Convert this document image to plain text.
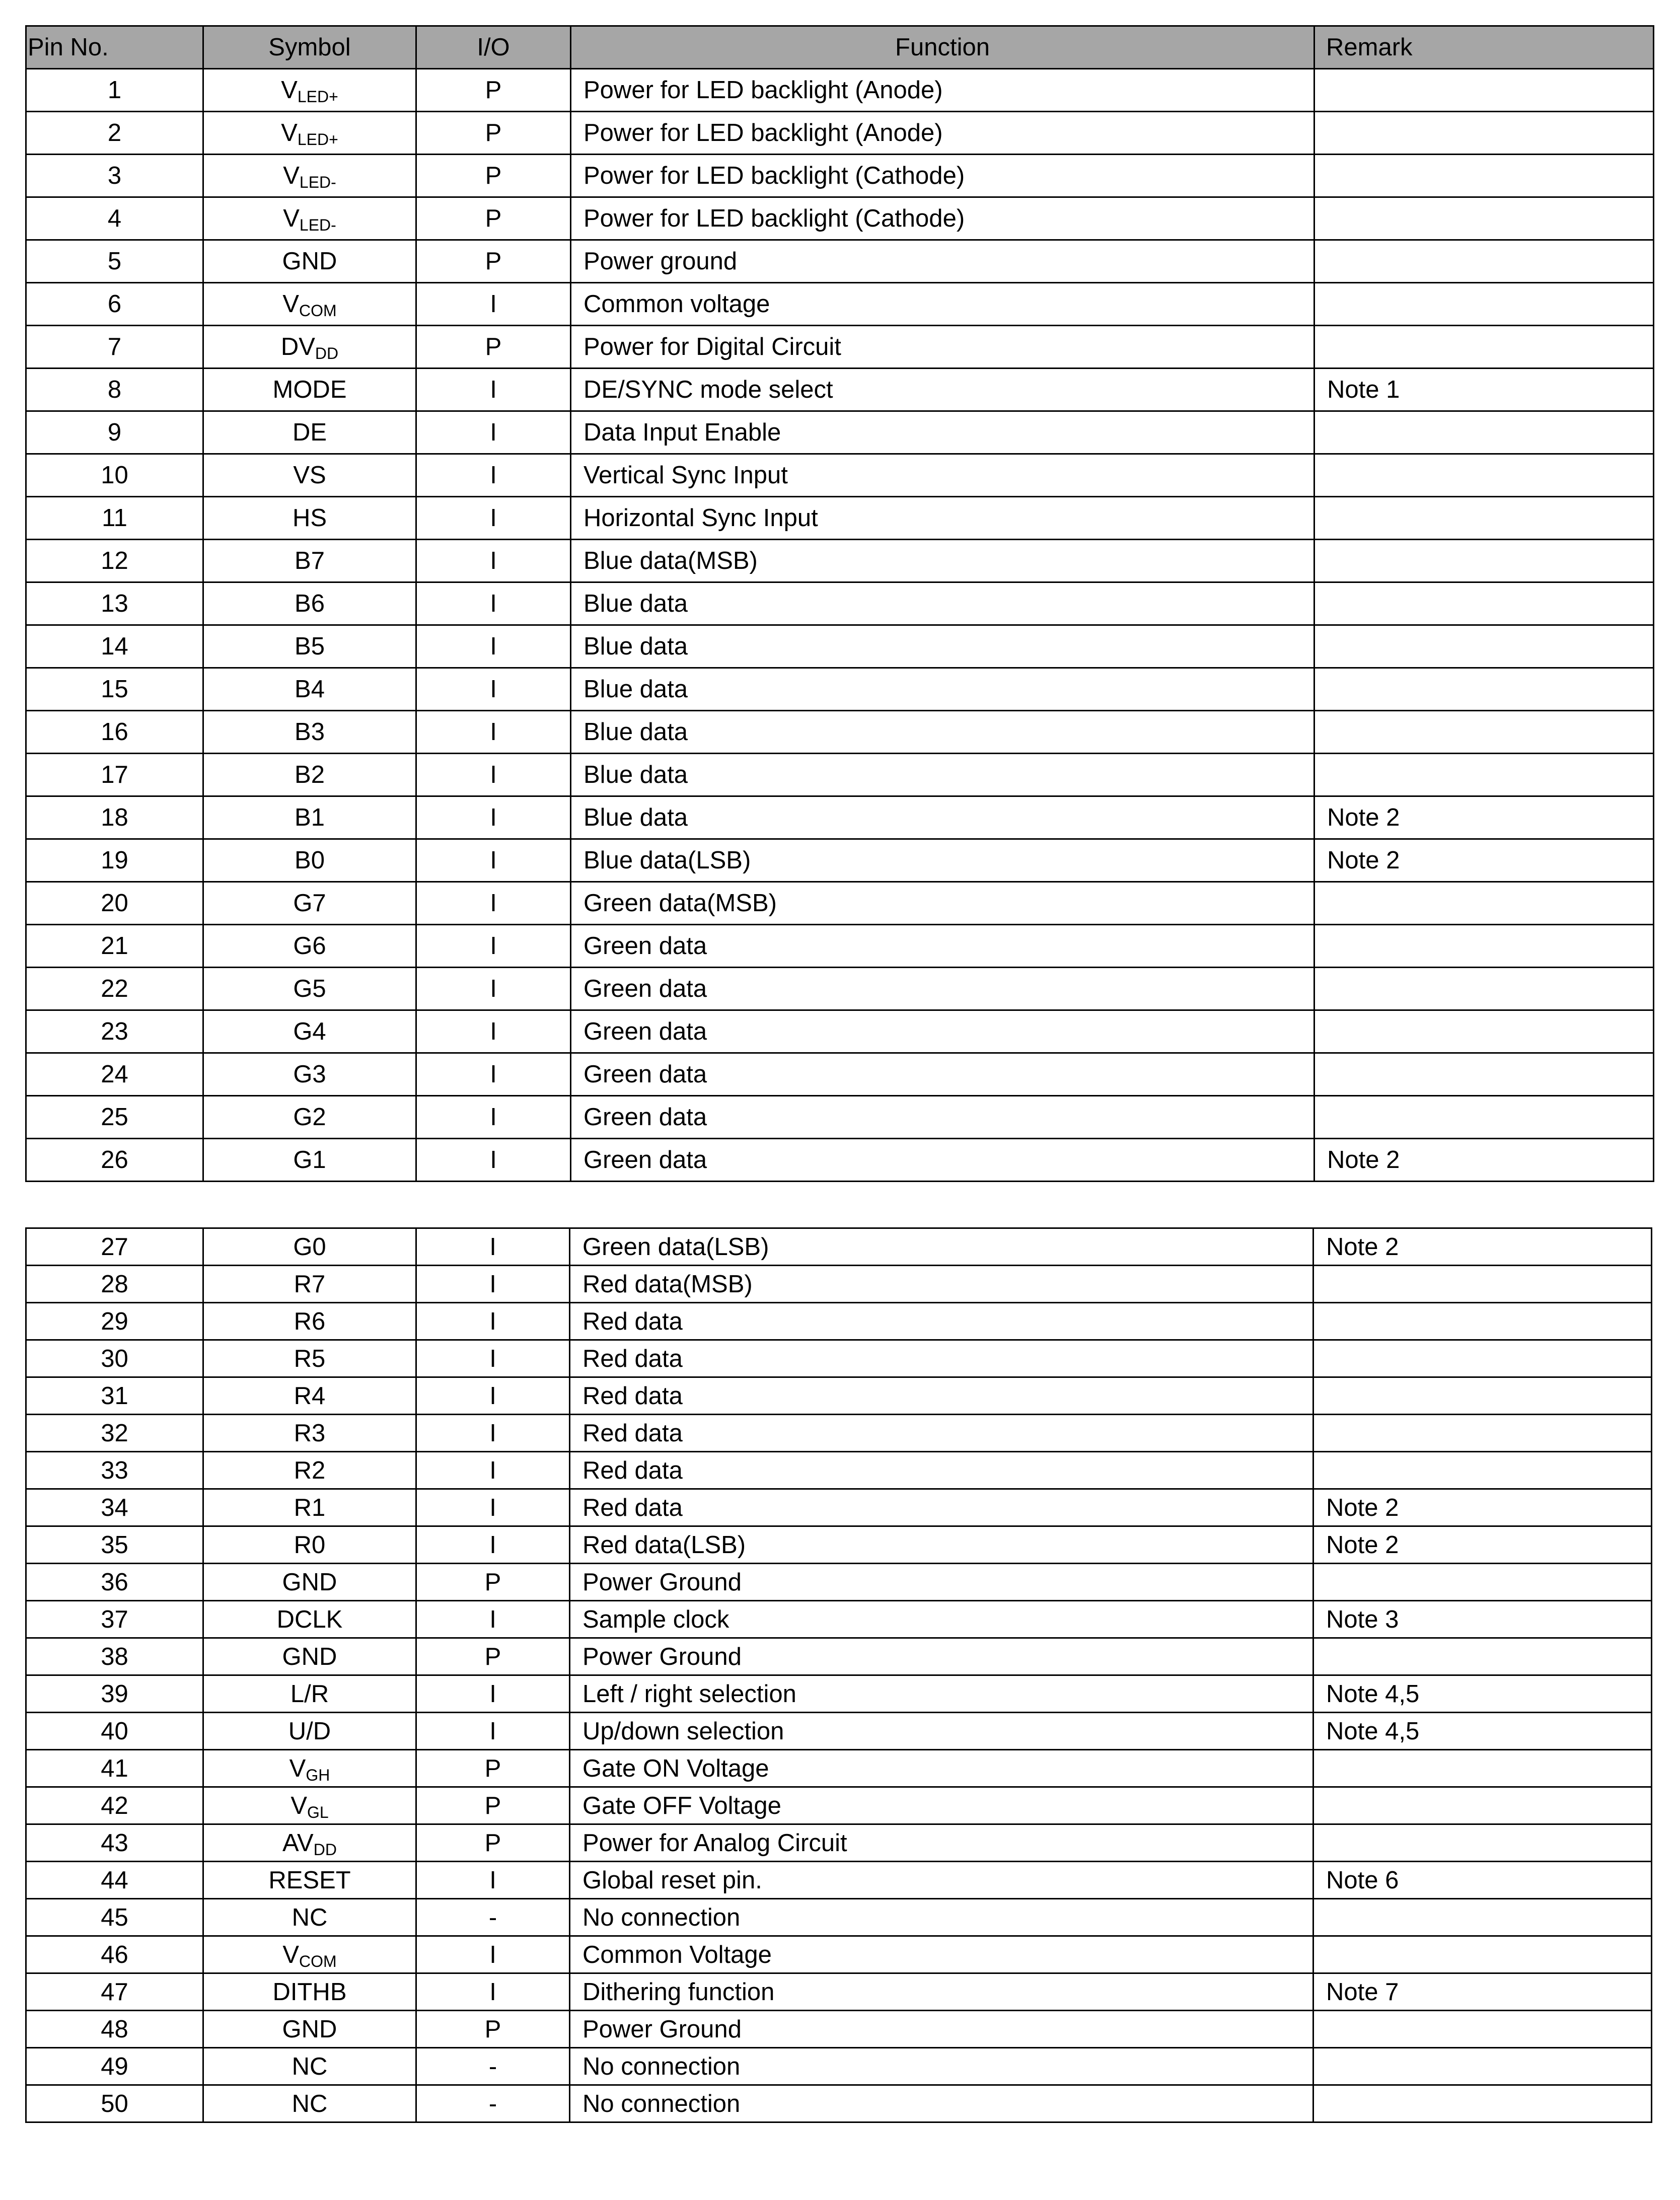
Pin No.	Symbol	I/O	Function	Remark
1	$V_{LED+}$	P	Power for LED backlight (Anode)	
2	$V_{LED+}$	P	Power for LED backlight (Anode)	
3	$V_{LED-}$	P	Power for LED backlight (Cathode)	
4	$V_{LED-}$	P	Power for LED backlight (Cathode)	
5	GND	P	Power ground	
6	$V_{COM}$	I	Common voltage	
7	$DV_{DD}$	P	Power for Digital Circuit	
8	MODE	I	DE/SYNC mode select	Note 1
9	DE	I	Data Input Enable	
10	VS	I	Vertical Sync Input	
11	HS	I	Horizontal Sync Input	
12	B7	I	Blue data(MSB)	
13	B6	I	Blue data	
14	B5	I	Blue data	
15	B4	I	Blue data	
16	B3	I	Blue data	
17	B2	I	Blue data	
18	B1	I	Blue data	Note 2
19	B0	I	Blue data(LSB)	Note 2
20	G7	I	Green data(MSB)	
21	G6	I	Green data	
22	G5	I	Green data	
23	G4	I	Green data	
24	G3	I	Green data	
25	G2	I	Green data	
26	G1	I	Green data	Note 2
27	G0	I	Green data(LSB)	Note 2
28	R7	I	Red data(MSB)	
29	R6	I	Red data	
30	R5	I	Red data	
31	R4	I	Red data	
32	R3	I	Red data	
33	R2	I	Red data	
34	R1	I	Red data	Note 2
35	R0	I	Red data(LSB)	Note 2
36	GND	P	Power Ground	
37	DCLK	I	Sample clock	Note 3
38	GND	P	Power Ground	
39	L/R	I	Left / right selection	Note 4,5
40	U/D	I	Up/down selection	Note 4,5
41	$V_{GH}$	P	Gate ON Voltage	
42	$V_{GL}$	P	Gate OFF Voltage	
43	$AV_{DD}$	P	Power for Analog Circuit	
44	RESET	I	Global reset pin.	Note 6
45	NC	-	No connection	
46	$V_{COM}$	I	Common Voltage	
47	DITHB	I	Dithering function	Note 7
48	GND	P	Power Ground	
49	NC	-	No connection	
50	NC	-	No connection	
